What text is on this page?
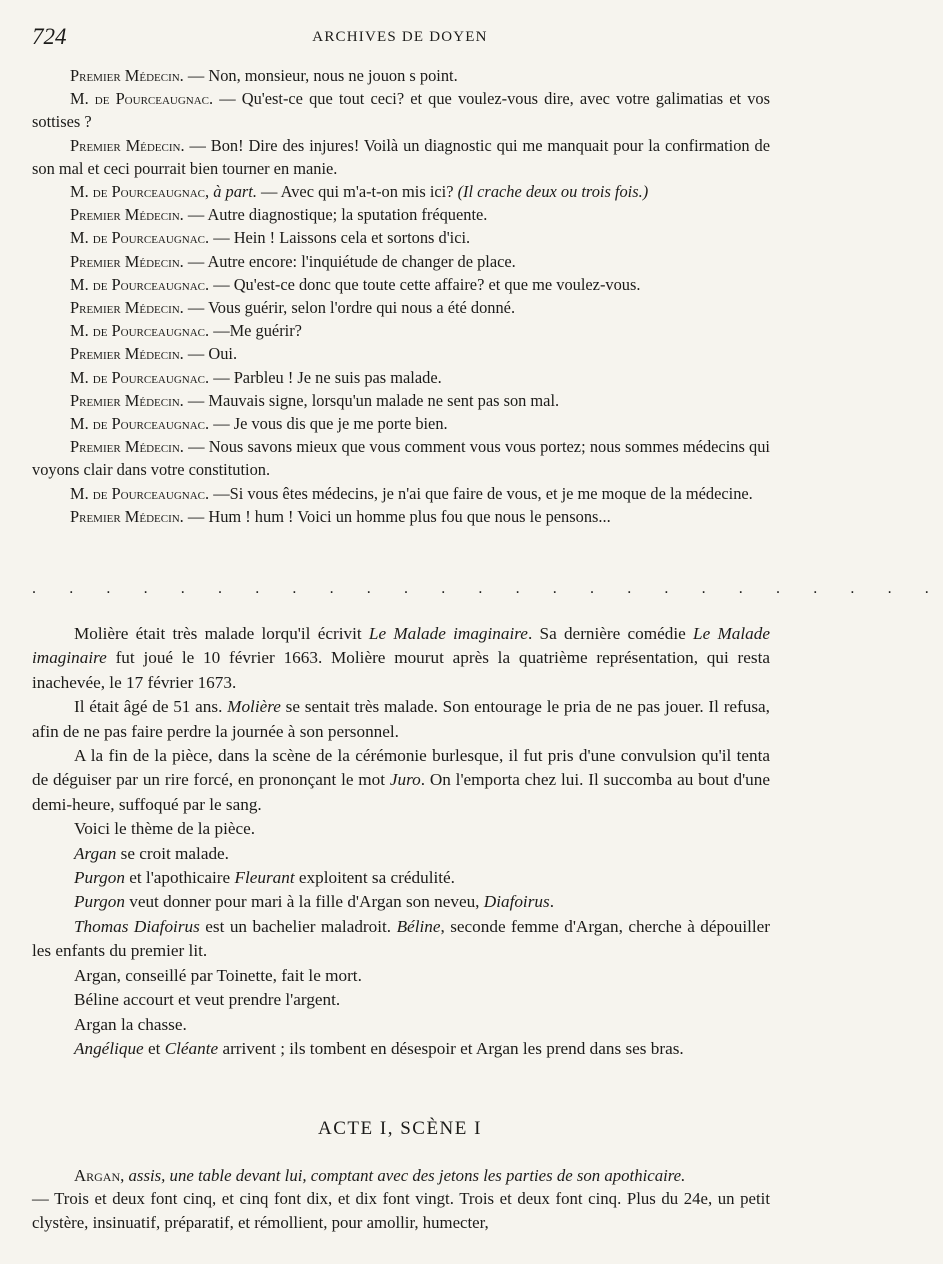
724	ARCHIVES DE DOYEN
Premier Médecin. — Non, monsieur, nous ne jouon s point.
M. de Pourceaugnac. — Qu'est-ce que tout ceci? et que voulez-vous dire, avec votre galimatias et vos sottises ?
Premier Médecin. — Bon! Dire des injures! Voilà un diagnostic qui me manquait pour la confirmation de son mal et ceci pourrait bien tourner en manie.
M. de Pourceaugnac, à part. — Avec qui m'a-t-on mis ici? (Il crache deux ou trois fois.)
Premier Médecin. — Autre diagnostique; la sputation fréquente.
M. de Pourceaugnac. — Hein ! Laissons cela et sortons d'ici.
Premier Médecin. — Autre encore: l'inquiétude de changer de place.
M. de Pourceaugnac. — Qu'est-ce donc que toute cette affaire? et que me voulez-vous.
Premier Médecin. — Vous guérir, selon l'ordre qui nous a été donné.
M. de Pourceaugnac. —Me guérir?
Premier Médecin. — Oui.
M. de Pourceaugnac. — Parbleu ! Je ne suis pas malade.
Premier Médecin. — Mauvais signe, lorsqu'un malade ne sent pas son mal.
M. de Pourceaugnac. — Je vous dis que je me porte bien.
Premier Médecin. — Nous savons mieux que vous comment vous vous portez; nous sommes médecins qui voyons clair dans votre constitution.
M. de Pourceaugnac. —Si vous êtes médecins, je n'ai que faire de vous, et je me moque de la médecine.
Premier Médecin. — Hum ! hum ! Voici un homme plus fou que nous le pensons...
. . . . . . . . . . . . . . . . . . . . . . . . .

Molière était très malade lorqu'il écrivit Le Malade imaginaire. Sa dernière comédie Le Malade imaginaire fut joué le 10 février 1663. Molière mourut après la quatrième représentation, qui resta inachevée, le 17 février 1673.

Il était âgé de 51 ans. Molière se sentait très malade. Son entourage le pria de ne pas jouer. Il refusa, afin de ne pas faire perdre la journée à son personnel.

A la fin de la pièce, dans la scène de la cérémonie burlesque, il fut pris d'une convulsion qu'il tenta de déguiser par un rire forcé, en prononçant le mot Juro. On l'emporta chez lui. Il succomba au bout d'une demi-heure, suffoqué par le sang.

Voici le thème de la pièce.

Argan se croit malade.

Purgon et l'apothicaire Fleurant exploitent sa crédulité.

Purgon veut donner pour mari à la fille d'Argan son neveu, Diafoirus.

Thomas Diafoirus est un bachelier maladroit. Béline, seconde femme d'Argan, cherche à dépouiller les enfants du premier lit.

Argan, conseillé par Toinette, fait le mort.

Béline accourt et veut prendre l'argent.

Argan la chasse.

Angélique et Cléante arrivent ; ils tombent en désespoir et Argan les prend dans ses bras.

ACTE I, SCÈNE I

Argan, assis, une table devant lui, comptant avec des jetons les parties de son apothicaire.

— Trois et deux font cinq, et cinq font dix, et dix font vingt. Trois et deux font cinq. Plus du 24e, un petit clystère, insinuatif, préparatif, et rémollient, pour amollir, humecter,
